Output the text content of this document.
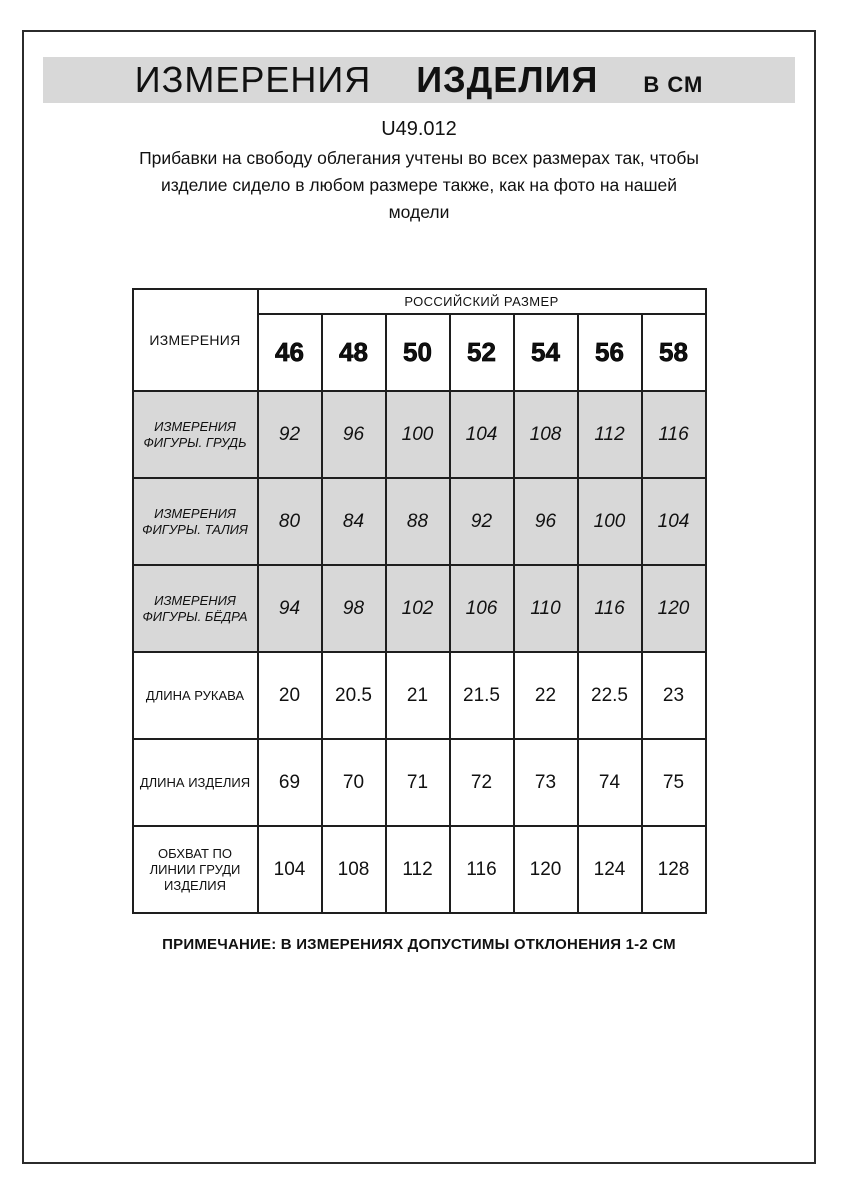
ИЗМЕРЕНИЯ ИЗДЕЛИЯ В СМ
U49.012
Прибавки на свободу облегания учтены во всех размерах так, чтобы изделие сидело в любом размере также, как на фото на нашей модели
ИЗМЕРЕНИЯ	РОССИЙСКИЙ РАЗМЕР						
	46	48	50	52	54	56	58
ИЗМЕРЕНИЯ ФИГУРЫ. ГРУДЬ	92	96	100	104	108	112	116
ИЗМЕРЕНИЯ ФИГУРЫ. ТАЛИЯ	80	84	88	92	96	100	104
ИЗМЕРЕНИЯ ФИГУРЫ. БЁДРА	94	98	102	106	110	116	120
ДЛИНА РУКАВА	20	20.5	21	21.5	22	22.5	23
ДЛИНА ИЗДЕЛИЯ	69	70	71	72	73	74	75
ОБХВАТ ПО ЛИНИИ ГРУДИ ИЗДЕЛИЯ	104	108	112	116	120	124	128
ПРИМЕЧАНИЕ: В ИЗМЕРЕНИЯХ ДОПУСТИМЫ ОТКЛОНЕНИЯ 1-2 СМ
